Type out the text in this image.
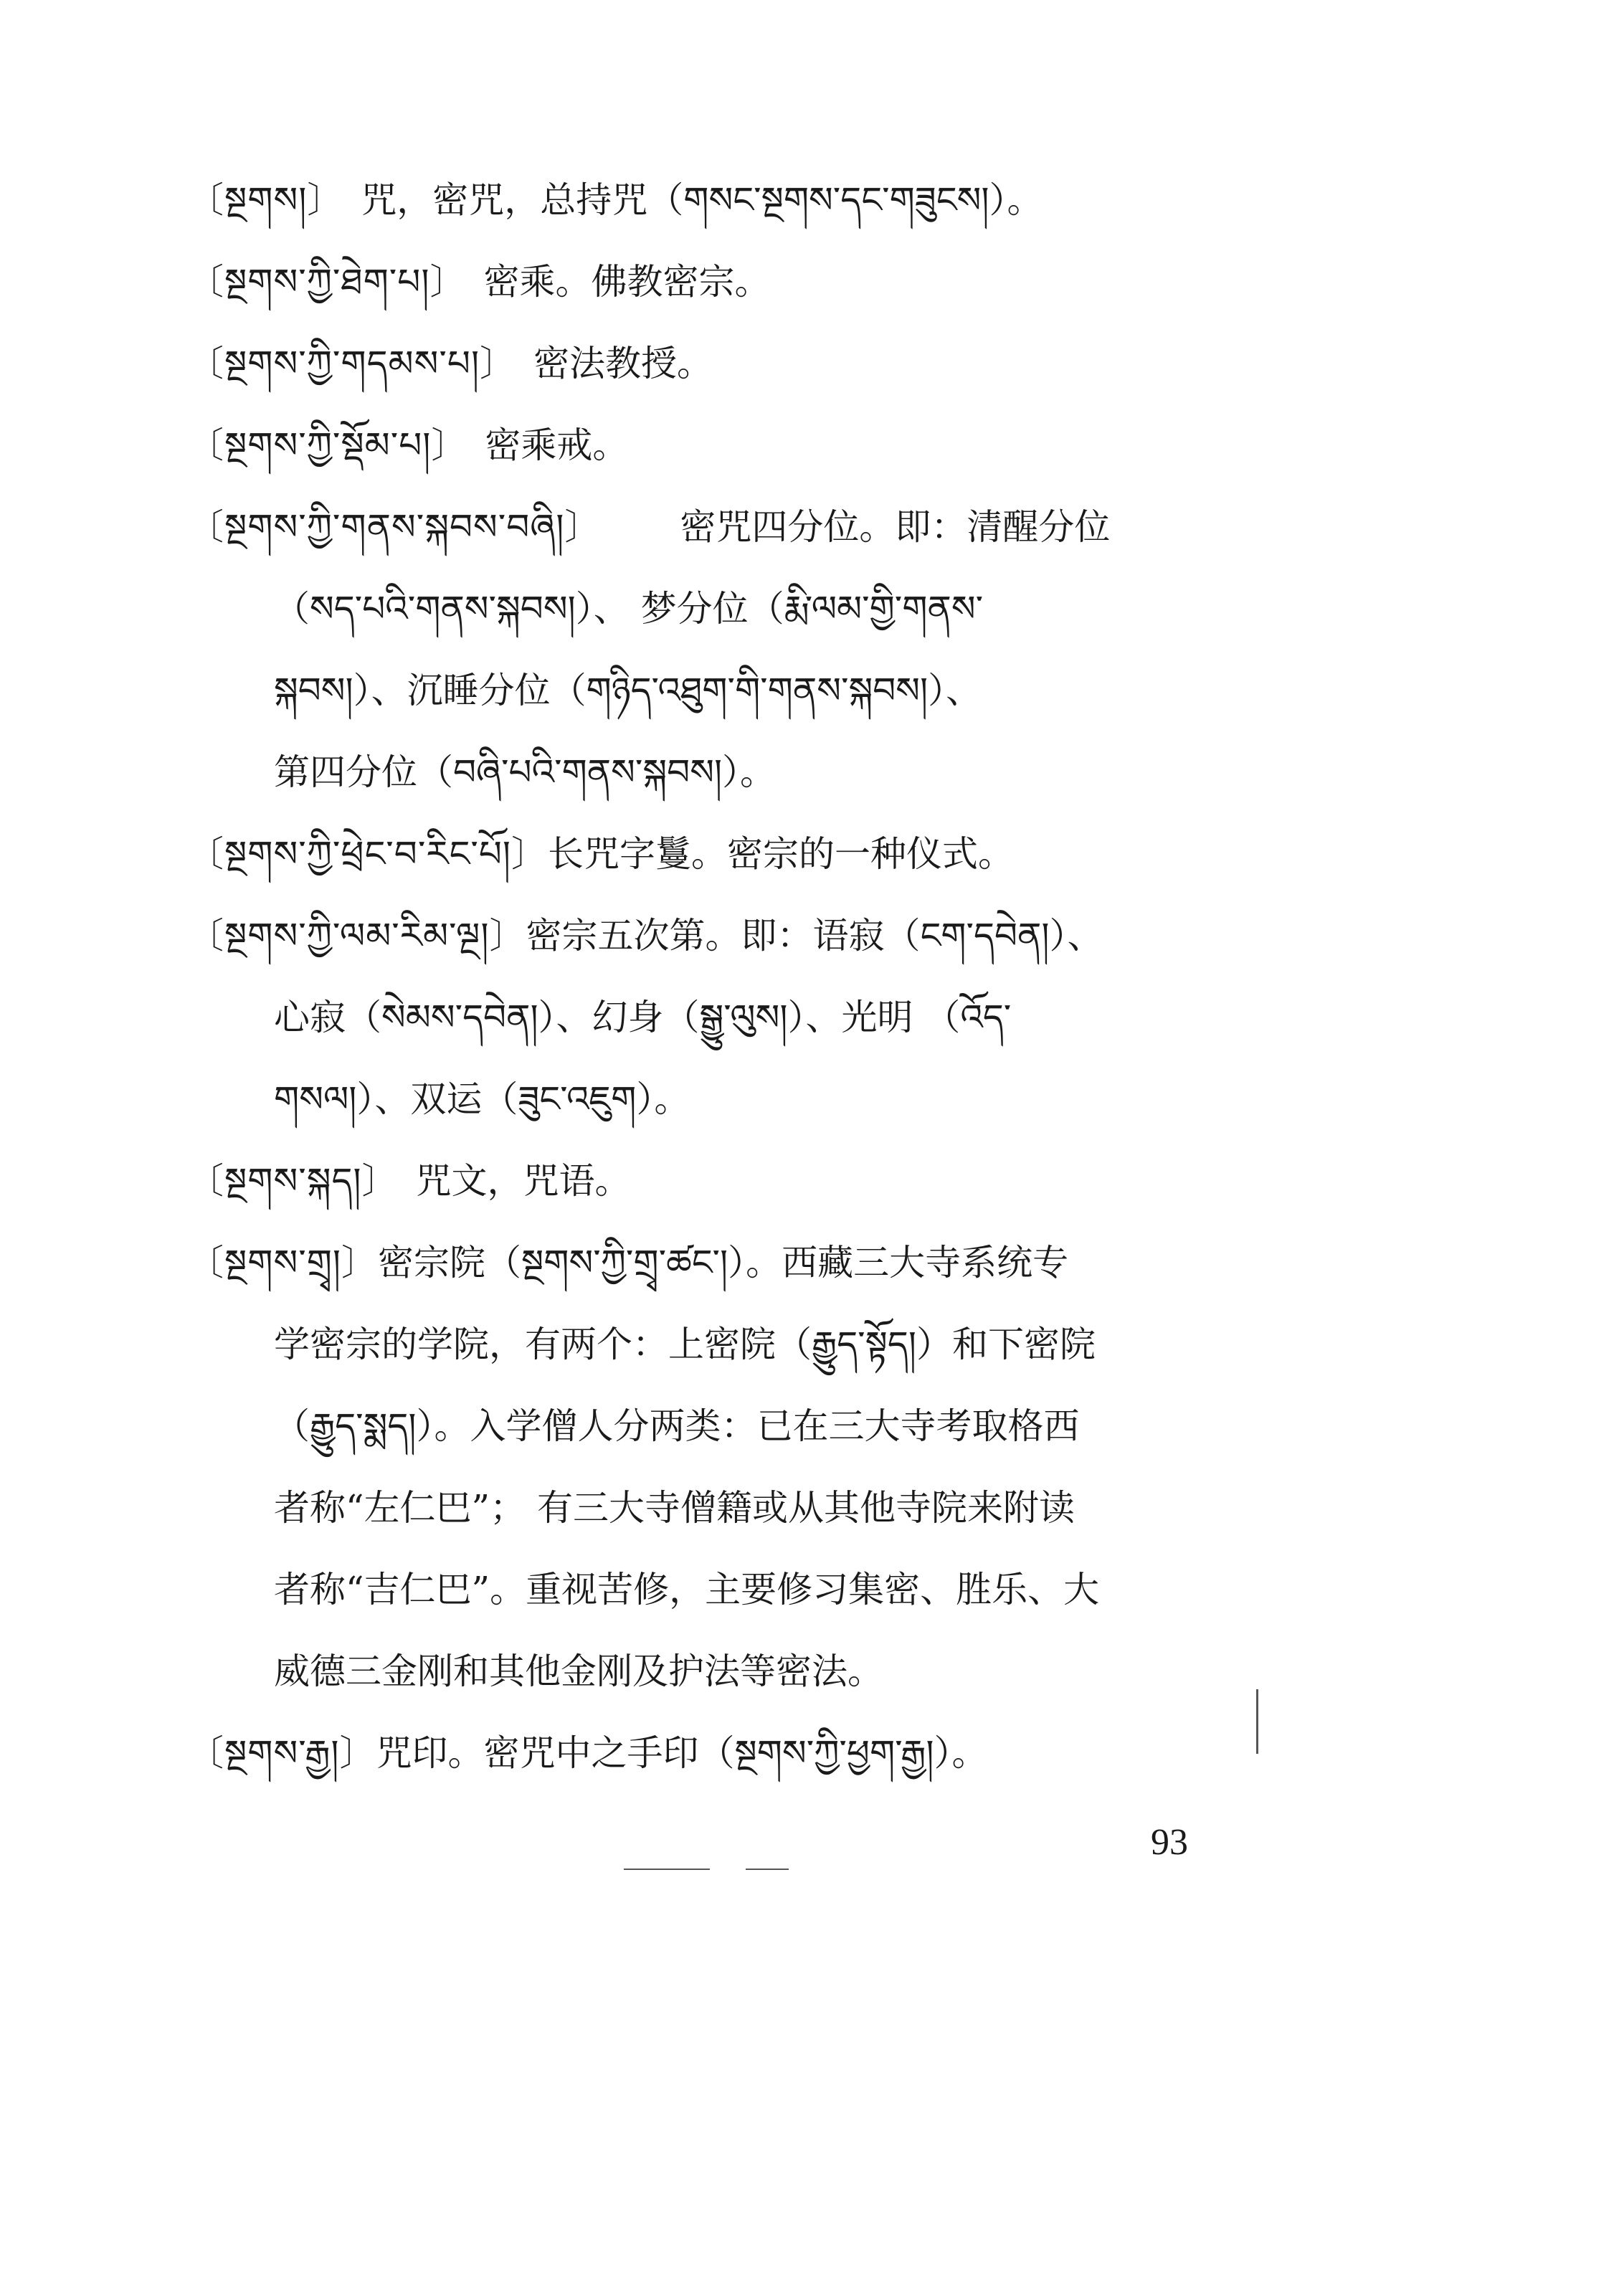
〔སྔགས།〕 咒，密咒，总持咒（གསང་སྔགས་དང་གཟུངས།）。
〔སྔགས་ཀྱི་ཐེག་པ།〕 密乘。佛教密宗。
〔སྔགས་ཀྱི་གདམས་པ།〕 密法教授。
〔སྔགས་ཀྱི་སྡོམ་པ།〕 密乘戒。
〔སྔགས་ཀྱི་གནས་སྐབས་བཞི།〕 密咒四分位。即：清醒分位
（སད་པའི་གནས་སྐབས།）、 梦分位（རྨི་ལམ་གྱི་གནས་
སྐབས།）、沉睡分位（གཉིད་འཐུག་གི་གནས་སྐབས།）、
第四分位（བཞི་པའི་གནས་སྐབས།）。
〔སྔགས་ཀྱི་ཕྲེང་བ་རིང་པོ།〕长咒字鬘。密宗的一种仪式。
〔སྔགས་ཀྱི་ལམ་རིམ་ལྔ།〕密宗五次第。即：语寂（ངག་དབེན།）、
心寂（སེམས་དབེན།）、幻身（སྒྱུ་ལུས།）、光明 （འོད་
གསལ།）、双运（ཟུང་འཇུག）。
〔སྔགས་སྐད།〕 咒文，咒语。
〔སྔགས་གྲྭ།〕密宗院（སྔགས་ཀྱི་གྲྭ་ཚང་།）。西藏三大寺系统专
学密宗的学院，有两个：上密院（རྒྱུད་སྟོད།）和下密院
（རྒྱུད་སྨད།）。入学僧人分两类：已在三大寺考取格西
者称“左仁巴”； 有三大寺僧籍或从其他寺院来附读
者称“吉仁巴”。重视苦修，主要修习集密、胜乐、大
威德三金刚和其他金刚及护法等密法。
〔སྔགས་རྒྱ།〕咒印。密咒中之手印（སྔགས་ཀྱི་ཕྱག་རྒྱ།）。
93
